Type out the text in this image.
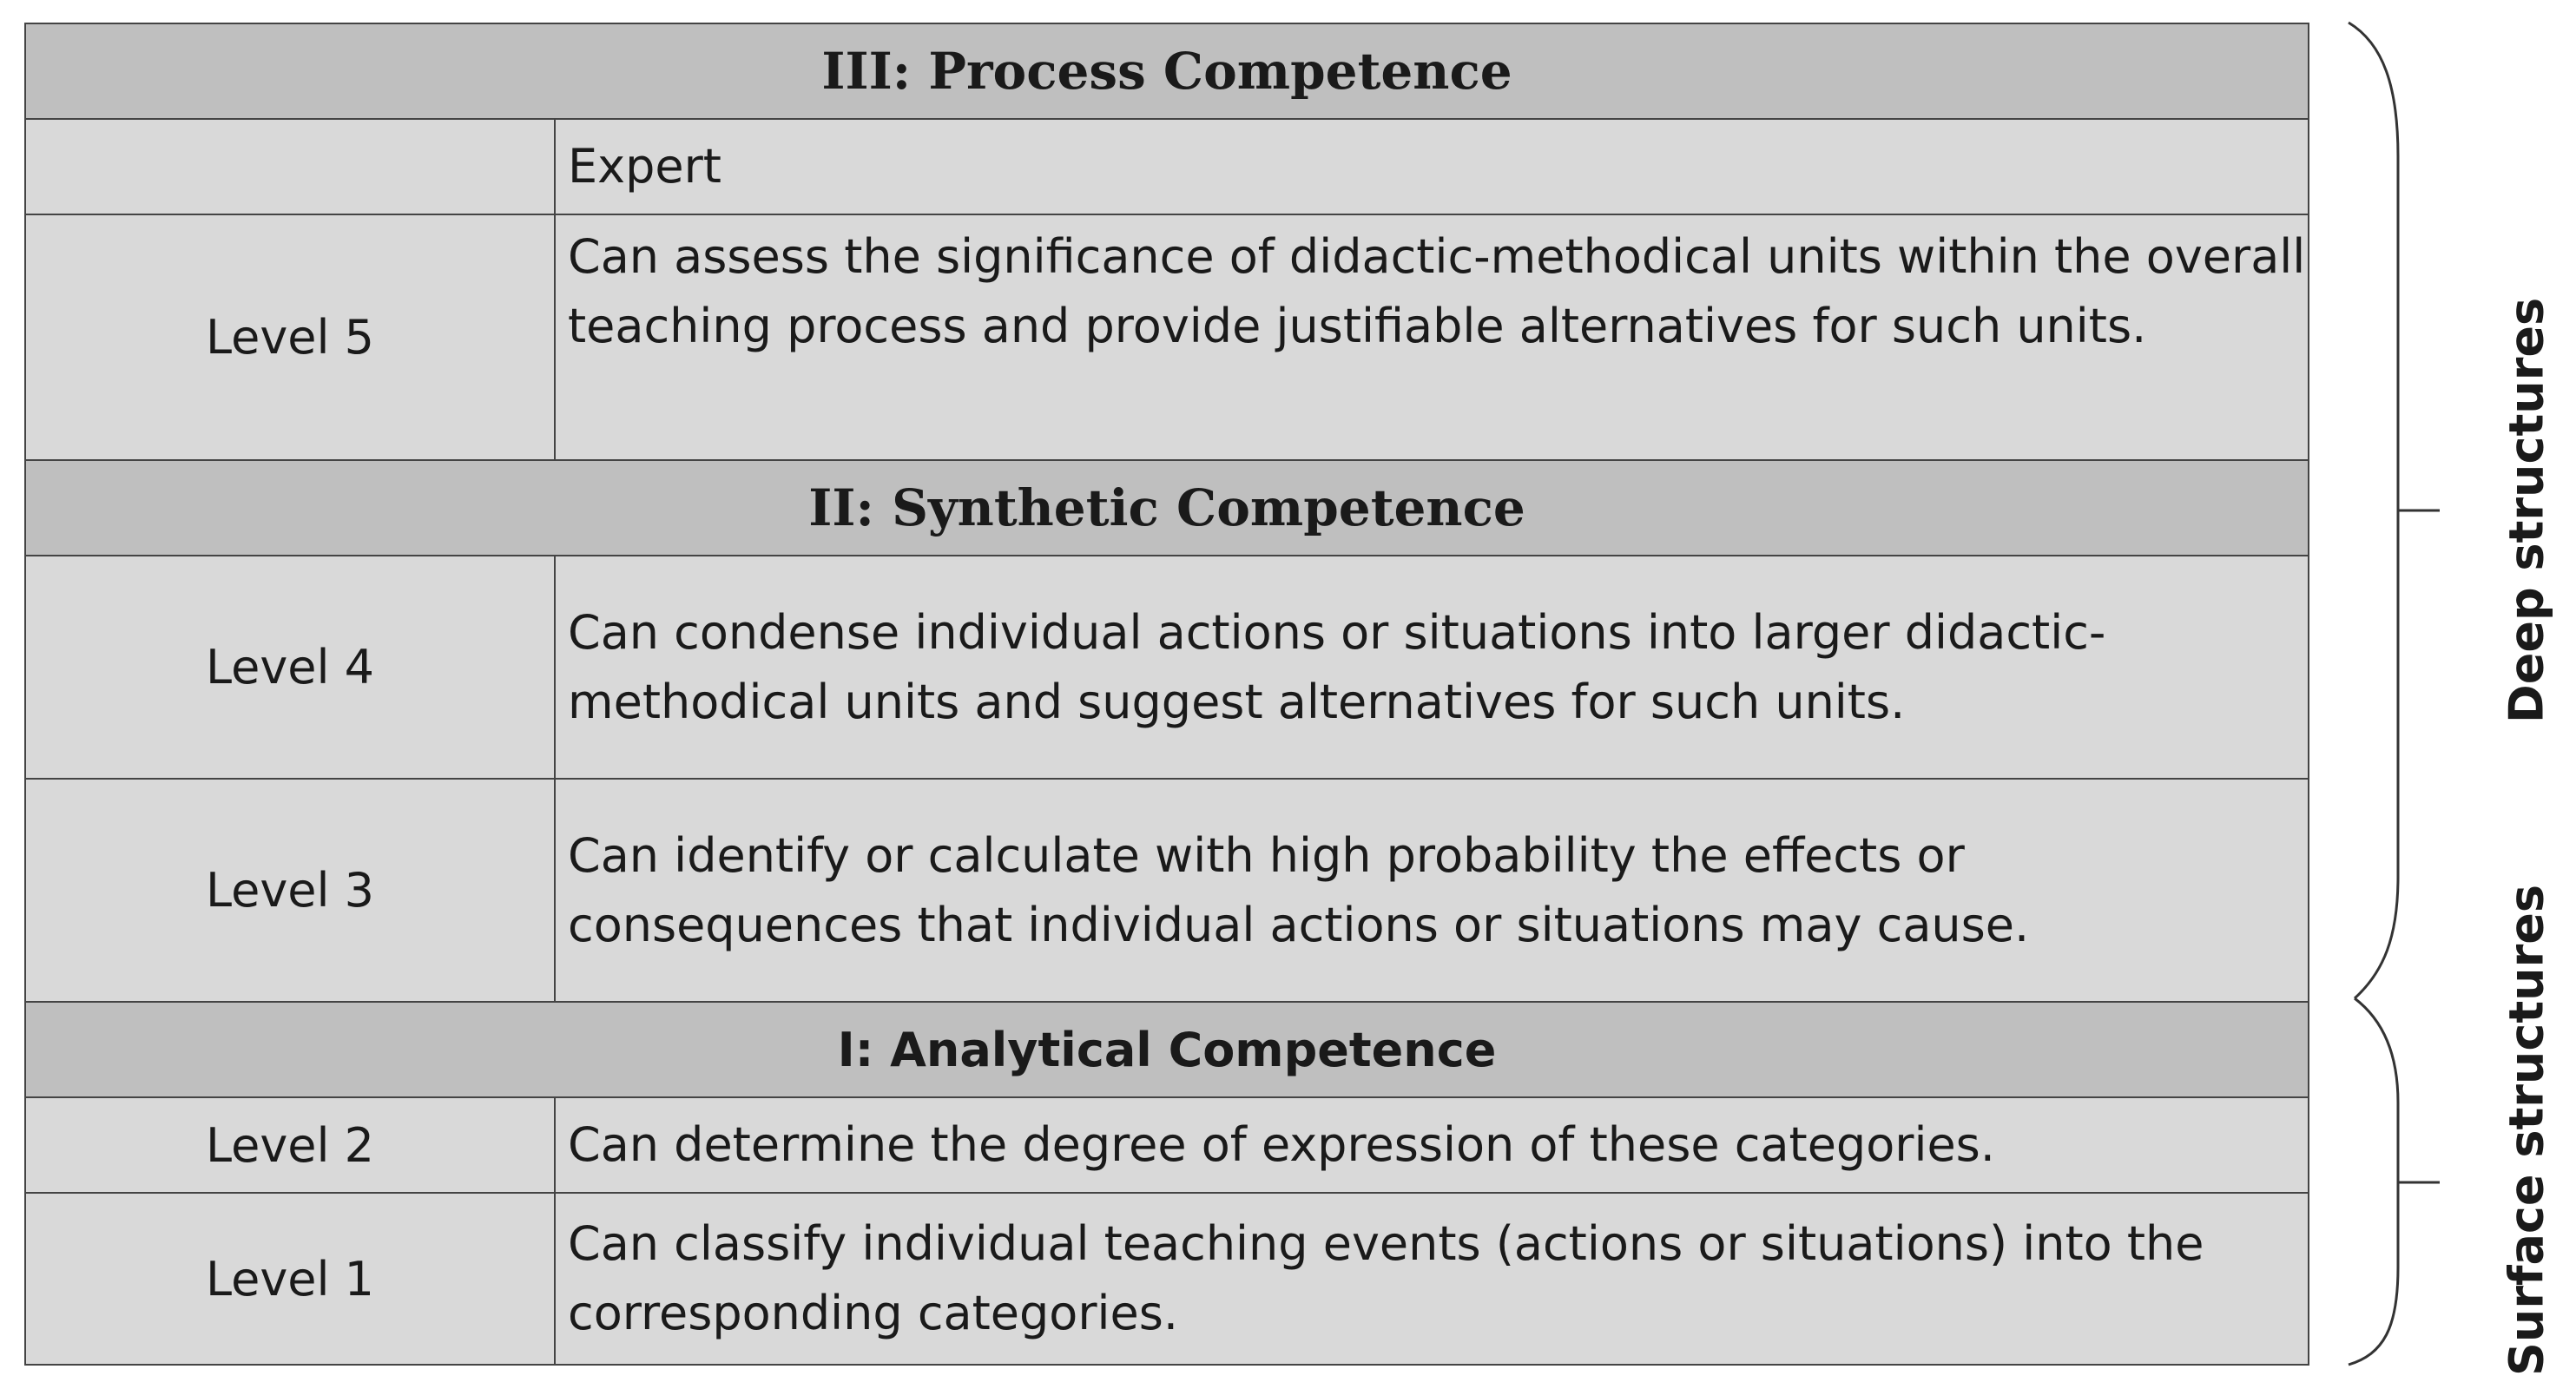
III: Process Competence	

	Expert

Level 5	Can assess the significance of didactic-methodical units within the overall
teaching process and provide justifiable alternatives for such units.

II: Synthetic Competence	
Level 4	Can condense individual actions or situations into larger didactic-
methodical units and suggest alternatives for such units.

Level 3	Can identify or calculate with high probability the effects or
consequences that individual actions or situations may cause.

I: Analytical Competence	
Level 2	Can determine the degree of expression of these categories.

Level 1	Can classify individual teaching events (actions or situations) into the
corresponding categories.
Deep structures
Surface structures
